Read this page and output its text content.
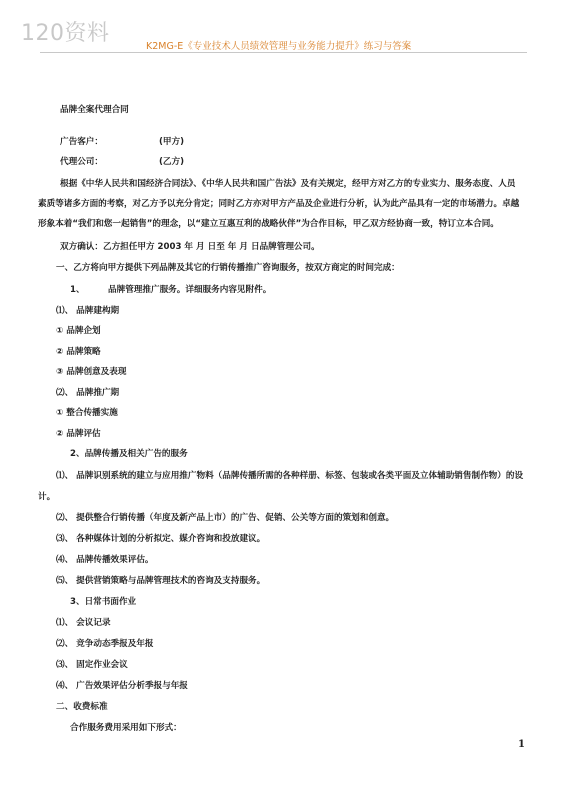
120资料
K2MG-E《专业技术人员绩效管理与业务能力提升》练习与答案
品牌全案代理合同
广告客户：	(甲方)
代理公司：	(乙方)
根据《中华人民共和国经济合同法》、《中华人民共和国广告法》及有关规定，经甲方对乙方的专业实力、服务态度、人员
素质等诸多方面的考察，对乙方予以充分肯定；同时乙方亦对甲方产品及企业进行分析，认为此产品具有一定的市场潜力。卓越
形象本着“我们和您一起销售”的理念，以“建立互惠互利的战略伙伴”为合作目标，甲乙双方经协商一致，特订立本合同。
双方确认：乙方担任甲方 2003 年 月 日至 年 月 日品牌管理公司。
一、乙方将向甲方提供下列品牌及其它的行销传播推广咨询服务，按双方商定的时间完成：
1、	品牌管理推广服务。详细服务内容见附件。
⑴、 品牌建构期
① 品牌企划
② 品牌策略
③ 品牌创意及表现
⑵、 品牌推广期
① 整合传播实施
② 品牌评估
2、品牌传播及相关广告的服务
⑴、 品牌识别系统的建立与应用推广物料（品牌传播所需的各种样册、标签、包装或各类平面及立体辅助销售制作物）的设
计。
⑵、 提供整合行销传播（年度及新产品上市）的广告、促销、公关等方面的策划和创意。
⑶、 各种媒体计划的分析拟定、媒介咨询和投放建议。
⑷、 品牌传播效果评估。
⑸、 提供营销策略与品牌管理技术的咨询及支持服务。
3、日常书面作业
⑴、 会议记录
⑵、 竞争动态季报及年报
⑶、 固定作业会议
⑷、 广告效果评估分析季报与年报
二、收费标准
合作服务费用采用如下形式：
1
